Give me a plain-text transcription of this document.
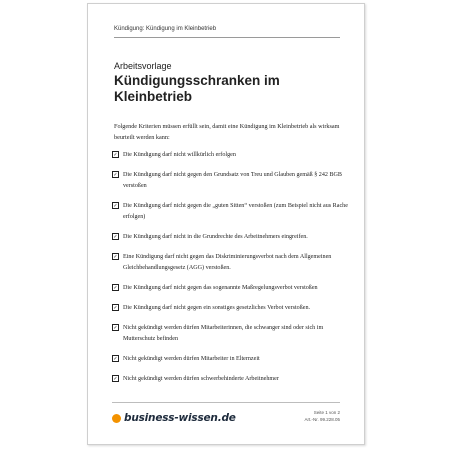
Kündigung: Kündigung im Kleinbetrieb
Arbeitsvorlage
Kündigungsschranken im Kleinbetrieb
Folgende Kriterien müssen erfüllt sein, damit eine Kündigung im Kleinbetrieb als wirksam beurteilt werden kann:
✓
Die Kündigung darf nicht willkürlich erfolgen
✓
Die Kündigung darf nicht gegen den Grundsatz von Treu und Glauben gemäß § 242 BGB verstoßen
✓
Die Kündigung darf nicht gegen die „guten Sitten“ verstoßen (zum Beispiel nicht aus Rache erfolgen)
✓
Die Kündigung darf nicht in die Grundrechte des Arbeitnehmers eingreifen.
✓
Eine Kündigung darf nicht gegen das Diskriminierungsverbot nach dem Allgemeinen Gleichbehandlungsgesetz (AGG) verstoßen.
✓
Die Kündigung darf nicht gegen das sogenannte Maßregelungsverbot verstoßen
✓
Die Kündigung darf nicht gegen ein sonstiges gesetzliches Verbot verstoßen.
✓
Nicht gekündigt werden dürfen Mitarbeiterinnen, die schwanger sind oder sich im Mutterschutz befinden
✓
Nicht gekündigt werden dürfen Mitarbeiter in Elternzeit
✓
Nicht gekündigt werden dürfen schwerbehinderte Arbeitnehmer
business-wissen.de	Seite 1 von 2
Art.-Nr. 99.228.05
